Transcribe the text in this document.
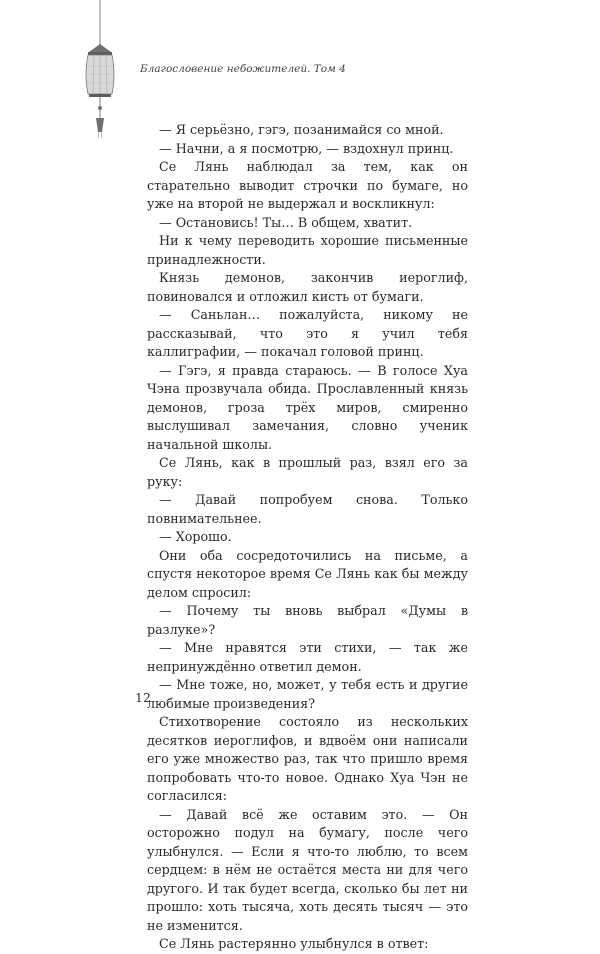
Благословение небожителей. Том 4

— Я серьёзно, гэгэ, позанимайся со мной.

— Начни, а я посмотрю, — вздохнул принц.

Се Лянь наблюдал за тем, как он старательно выводит строчки по бумаге, но уже на второй не выдержал и воскликнул:

— Остановись! Ты… В общем, хватит.

Ни к чему переводить хорошие письменные принадлежности.

Князь демонов, закончив иероглиф, повиновался и отложил кисть от бумаги.

— Саньлан… пожалуйста, никому не рассказывай, что это я учил тебя каллиграфии, — покачал головой принц.

— Гэгэ, я правда стараюсь. — В голосе Хуа Чэна прозвучала обида. Прославленный князь демонов, гроза трёх миров, смиренно выслушивал замечания, словно ученик начальной школы.

Се Лянь, как в прошлый раз, взял его за руку:

— Давай попробуем снова. Только повнимательнее.

— Хорошо.

Они оба сосредоточились на письме, а спустя некоторое время Се Лянь как бы между делом спросил:

— Почему ты вновь выбрал «Думы в разлуке»?

— Мне нравятся эти стихи, — так же непринуждённо ответил демон.

— Мне тоже, но, может, у тебя есть и другие любимые произведения?

Стихотворение состояло из нескольких десятков иероглифов, и вдвоём они написали его уже множество раз, так что пришло время попробовать что-то новое. Однако Хуа Чэн не согласился:

— Давай всё же оставим это. — Он осторожно подул на бумагу, после чего улыбнулся. — Если я что-то люблю, то всем сердцем: в нём не остаётся места ни для чего другого. И так будет всегда, сколько бы лет ни прошло: хоть тысяча, хоть десять тысяч — это не изменится.

Се Лянь растерянно улыбнулся в ответ:

12
